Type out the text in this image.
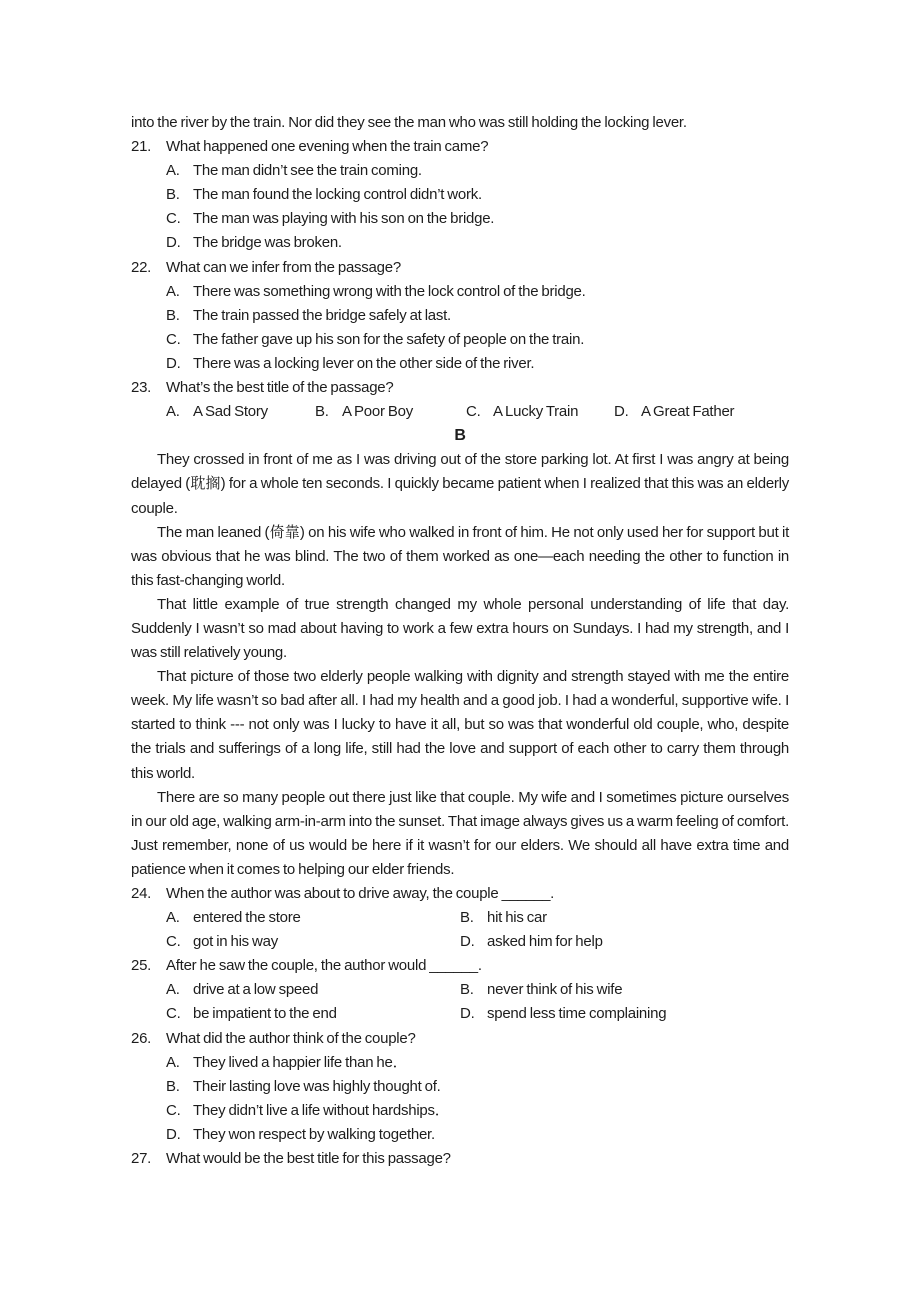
into the river by the train. Nor did they see the man who was still holding the locking lever.
21. What happened one evening when the train came?
A. The man didn’t see the train coming.
B. The man found the locking control didn’t work.
C. The man was playing with his son on the bridge.
D. The bridge was broken.
22. What can we infer from the passage?
A. There was something wrong with the lock control of the bridge.
B. The train passed the bridge safely at last.
C. The father gave up his son for the safety of people on the train.
D. There was a locking lever on the other side of the river.
23. What’s the best title of the passage?
A. A Sad Story	B. A Poor Boy	C. A Lucky Train D. A Great Father
B

They crossed in front of me as I was driving out of the store parking lot. At first I was angry at being delayed (耽搁) for a whole ten seconds. I quickly became patient when I realized that this was an elderly couple.

The man leaned (倚靠) on his wife who walked in front of him. He not only used her for support but it was obvious that he was blind. The two of them worked as one—each needing the other to function in this fast-changing world.

That little example of true strength changed my whole personal understanding of life that day. Suddenly I wasn’t so mad about having to work a few extra hours on Sundays. I had my strength, and I was still relatively young.

That picture of those two elderly people walking with dignity and strength stayed with me the entire week. My life wasn’t so bad after all. I had my health and a good job. I had a wonderful, supportive wife. I started to think --- not only was I lucky to have it all, but so was that wonderful old couple, who, despite the trials and sufferings of a long life, still had the love and support of each other to carry them through this world.

There are so many people out there just like that couple. My wife and I sometimes picture ourselves in our old age, walking arm-in-arm into the sunset. That image always gives us a warm feeling of comfort. Just remember, none of us would be here if it wasn’t for our elders. We should all have extra time and patience when it comes to helping our elder friends.

24. When the author was about to drive away, the couple ______.
A. entered the store	B. hit his car
C. got in his way	D. asked him for help
25. After he saw the couple, the author would ______.
A. drive at a low speed	B. never think of his wife
C. be impatient to the end	D. spend less time complaining
26. What did the author think of the couple?
A. They lived a happier life than he．
B. Their lasting love was highly thought of.
C. They didn’t live a life without hardships．
D. They won respect by walking together.
27. What would be the best title for this passage?
